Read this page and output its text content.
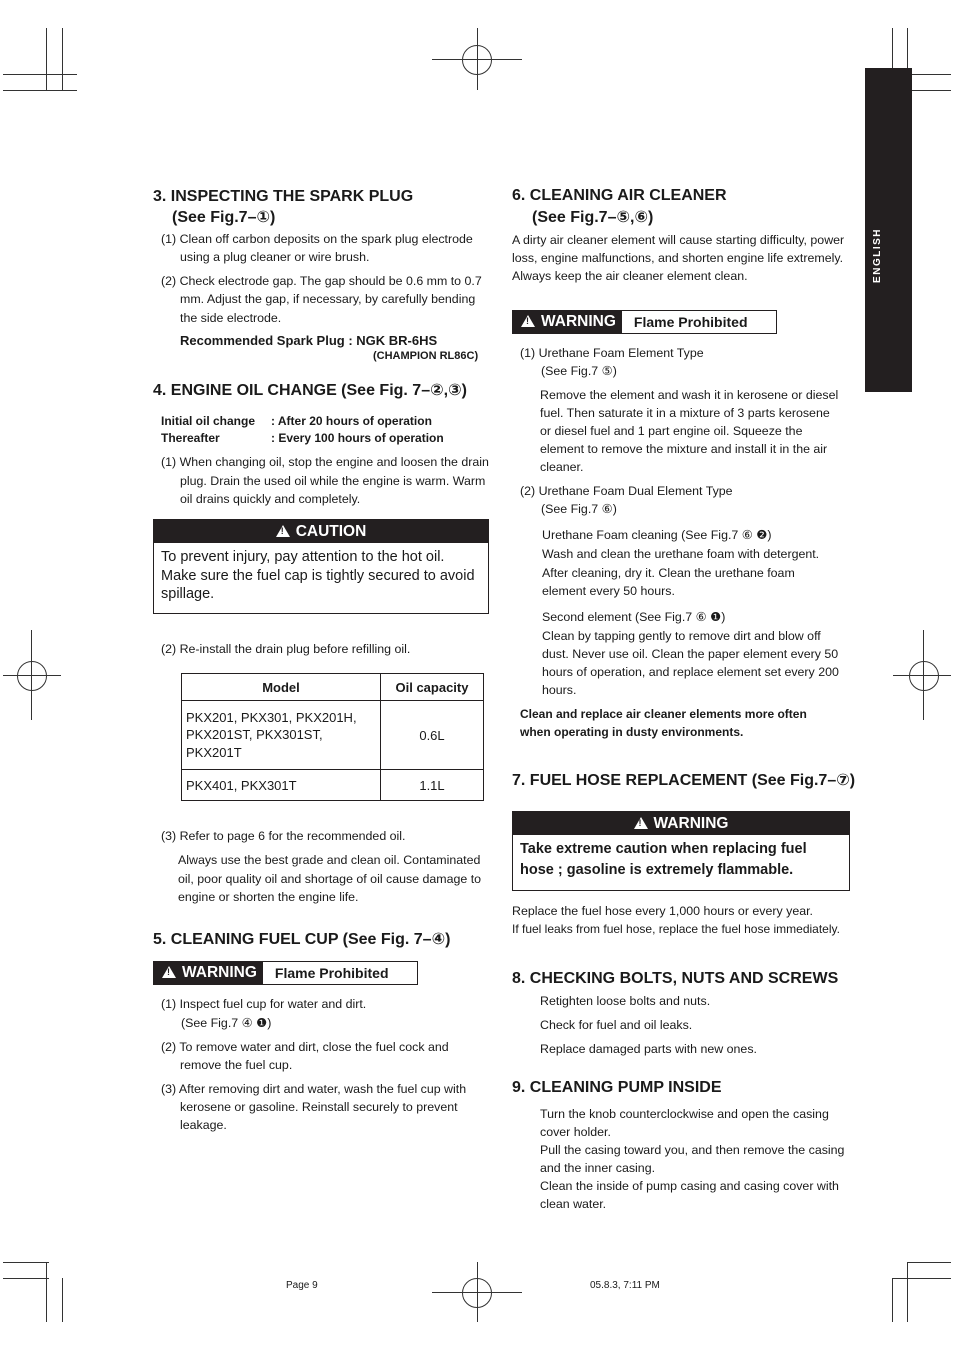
ENGLISH
3. INSPECTING THE SPARK PLUG
(See Fig.7–①)
(1) Clean off carbon deposits on the spark plug electrode
using a plug cleaner or wire brush.
(2) Check electrode gap. The gap should be 0.6 mm to 0.7
mm. Adjust the gap, if necessary, by carefully bending
the side electrode.
Recommended Spark Plug : NGK BR-6HS
(CHAMPION RL86C)
4. ENGINE OIL CHANGE (See Fig. 7–②,③)
Initial oil change : After 20 hours of operation
Thereafter	: Every 100 hours of operation
(1) When changing oil, stop the engine and loosen the drain
plug. Drain the used oil while the engine is warm. Warm
oil drains quickly and completely.
!CAUTION
To prevent injury, pay attention to the hot oil.
Make sure the fuel cap is tightly secured to avoid
spillage.
(2) Re-install the drain plug before refilling oil.
Model	Oil capacity

PKX201, PKX301, PKX201H,
PKX201ST, PKX301ST,
PKX201T	0.6L
PKX401, PKX301T	1.1L
(3) Refer to page 6 for the recommended oil.
Always use the best grade and clean oil. Contaminated
oil, poor quality oil and shortage of oil cause damage to
engine or shorten the engine life.
5. CLEANING FUEL CUP (See Fig. 7–④)
!WARNING	Flame Prohibited
(1) Inspect fuel cup for water and dirt.
(See Fig.7 ④ ❶)
(2) To remove water and dirt, close the fuel cock and
remove the fuel cup.
(3) After removing dirt and water, wash the fuel cup with
kerosene or gasoline. Reinstall securely to prevent
leakage.
6. CLEANING AIR CLEANER
(See Fig.7–⑤,⑥)
A dirty air cleaner element will cause starting difficulty, power
loss, engine malfunctions, and shorten engine life extremely.
Always keep the air cleaner element clean.
!WARNING	Flame Prohibited
(1) Urethane Foam Element Type
(See Fig.7 ⑤)
Remove the element and wash it in kerosene or diesel
fuel. Then saturate it in a mixture of 3 parts kerosene
or diesel fuel and 1 part engine oil. Squeeze the
element to remove the mixture and install it in the air
cleaner.
(2) Urethane Foam Dual Element Type
(See Fig.7 ⑥)
Urethane Foam cleaning (See Fig.7 ⑥ ❷)
Wash and clean the urethane foam with detergent.
After cleaning, dry it. Clean the urethane foam
element every 50 hours.
Second element (See Fig.7 ⑥ ❶)
Clean by tapping gently to remove dirt and blow off
dust. Never use oil. Clean the paper element every 50
hours of operation, and replace element set every 200
hours.
Clean and replace air cleaner elements more often
when operating in dusty environments.
7. FUEL HOSE REPLACEMENT (See Fig.7–⑦)
!WARNING
Take extreme caution when replacing fuel
hose ; gasoline is extremely flammable.
Replace the fuel hose every 1,000 hours or every year.
If fuel leaks from fuel hose, replace the fuel hose immediately.
8. CHECKING BOLTS, NUTS AND SCREWS
Retighten loose bolts and nuts.
Check for fuel and oil leaks.
Replace damaged parts with new ones.
9. CLEANING PUMP INSIDE
Turn the knob counterclockwise and open the casing
cover holder.
Pull the casing toward you, and then remove the casing
and the inner casing.
Clean the inside of pump casing and casing cover with
clean water.
Page 9	05.8.3, 7:11 PM
